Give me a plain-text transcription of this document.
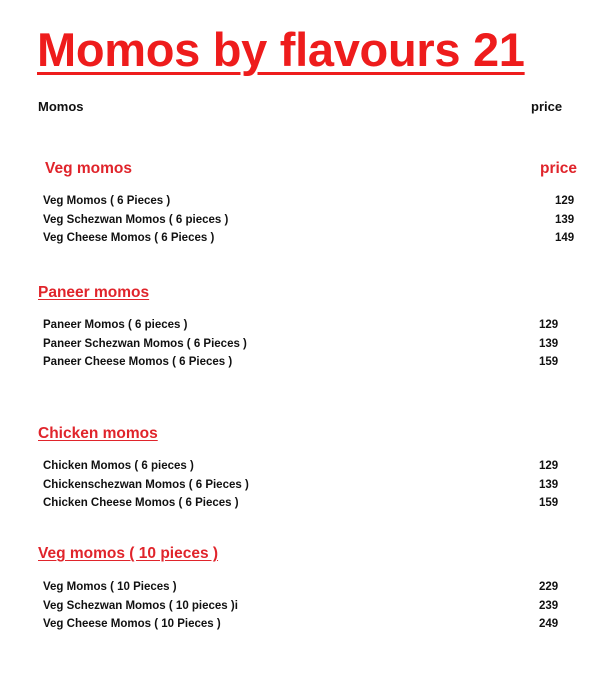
Momos by flavours 21
Momos	price
Veg momos	price
Veg Momos ( 6 Pieces )	129
Veg Schezwan Momos ( 6 pieces )	139
Veg Cheese Momos ( 6 Pieces )	149
Paneer momos
Paneer Momos ( 6 pieces )	129
Paneer Schezwan Momos ( 6 Pieces )	139
Paneer Cheese Momos ( 6 Pieces )	159
Chicken momos
Chicken Momos ( 6 pieces )	129
Chickenschezwan Momos ( 6 Pieces )	139
Chicken Cheese Momos ( 6 Pieces )	159
Veg momos ( 10 pieces )
Veg Momos ( 10 Pieces )	229
Veg Schezwan Momos ( 10 pieces )i	239
Veg Cheese Momos ( 10 Pieces )	249
